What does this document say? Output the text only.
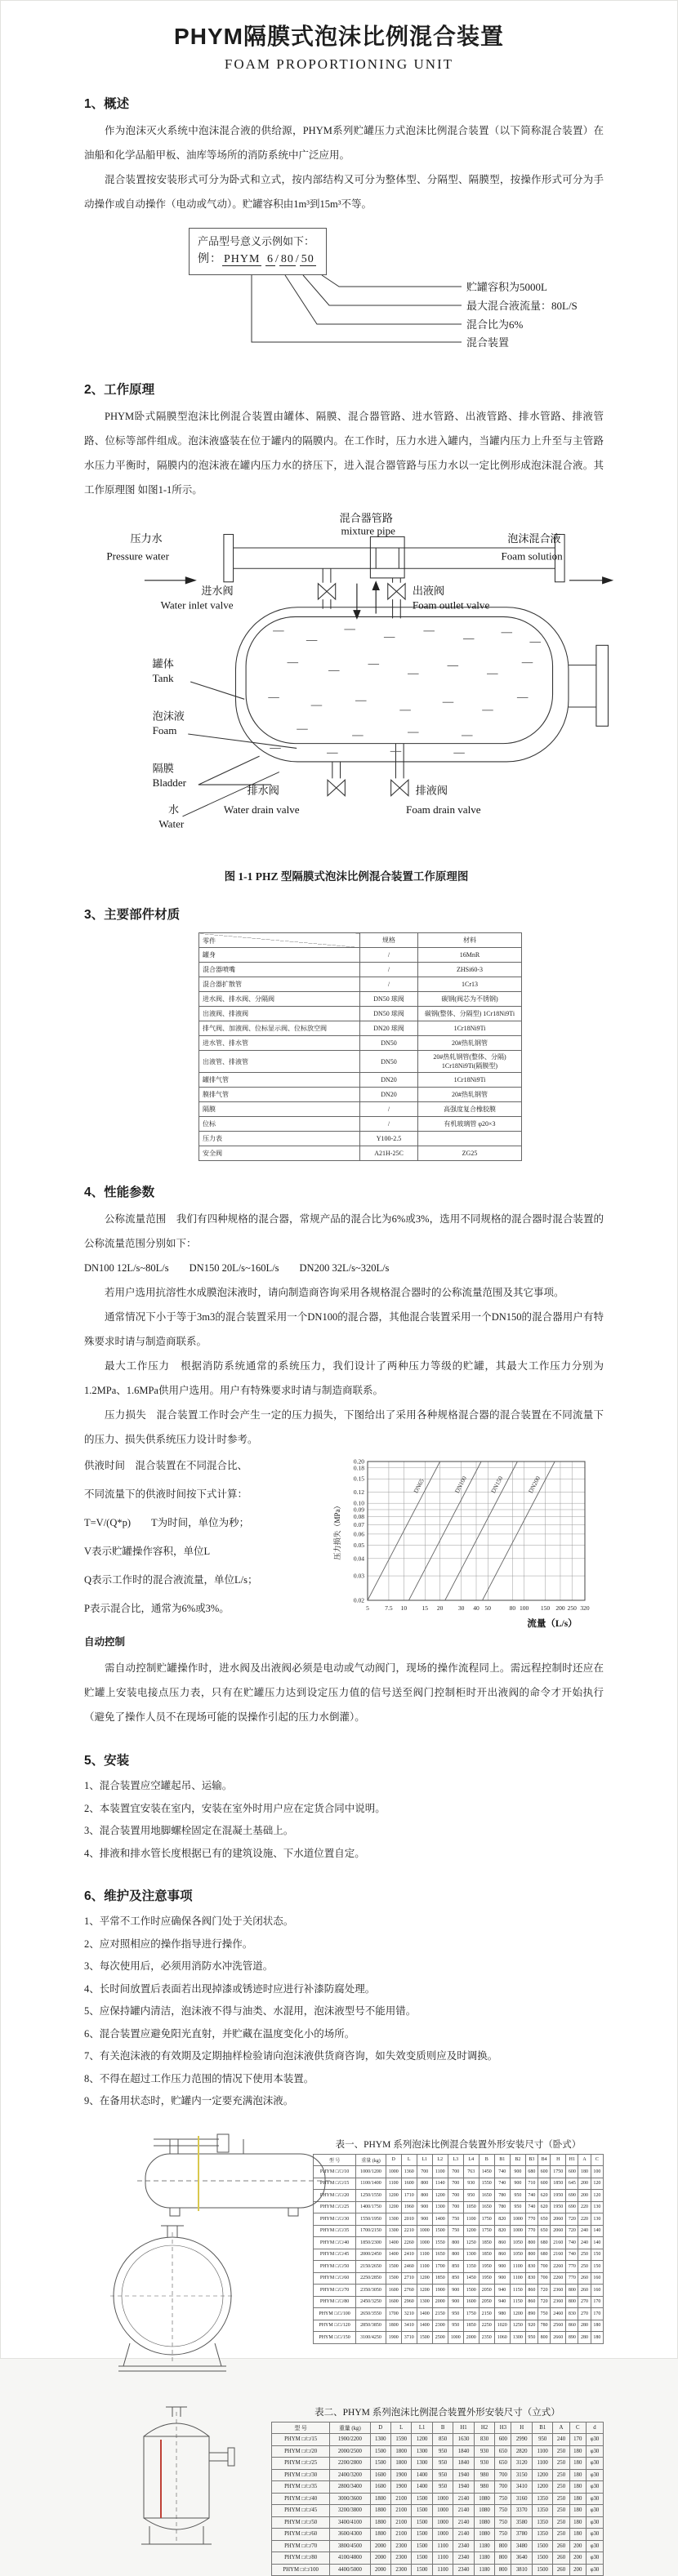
PHYM隔膜式泡沫比例混合装置
FOAM PROPORTIONING UNIT
1、概述

作为泡沫灭火系统中泡沫混合液的供给源，PHYM系列贮罐压力式泡沫比例混合装置（以下简称混合装置）在油船和化学品船甲板、油库等场所的消防系统中广泛应用。

混合装置按安装形式可分为卧式和立式，按内部结构又可分为整体型、分隔型、隔膜型，按操作形式可分为手动操作或自动操作（电动或气动）。贮罐容积由1m³到15m³不等。

产品型号意义示例如下：
例： PHYM 6 / 80 / 50
贮罐容积为5000L
最大混合液流量：80L/S
混合比为6%
混合装置
2、工作原理

PHYM卧式隔膜型泡沫比例混合装置由罐体、隔膜、混合器管路、进水管路、出液管路、排水管路、排液管路、位标等部件组成。泡沫液盛装在位于罐内的隔膜内。在工作时，压力水进入罐内，当罐内压力上升至与主管路水压力平衡时，隔膜内的泡沫液在罐内压力水的挤压下，进入混合器管路与压力水以一定比例形成泡沫混合液。其工作原理图 如图1-1所示。

压力水
Pressure water
混合器管路
mixture pipe
泡沫混合液
Foam solution
进水阀
Water inlet valve
出液阀
Foam outlet valve
罐体
Tank
泡沫液
Foam
隔膜
Bladder
水
Water
排水阀
Water drain valve
排液阀
Foam drain valve
图 1-1 PHZ 型隔膜式泡沫比例混合装置工作原理图
3、主要部件材质
零件	规格	材料
罐身	/	16MnR
混合器喷嘴	/	ZHSi60-3
混合器扩散管	/	1Cr13
进水阀、排水阀、分隔阀	DN50 球阀	碳钢(阀芯为不锈钢)
出液阀、排液阀	DN50 球阀	碳钢(整体、分隔型) 1Cr18Ni9Ti
排气阀、加液阀、位标显示阀、位标放空阀	DN20 球阀	1Cr18Ni9Ti
进水管、排水管	DN50	20#热轧钢管
出液管、排液管	DN50	20#热轧钢管(整体、分隔) 1Cr18Ni9Ti(隔膜型)
罐排气管	DN20	1Cr18Ni9Ti
膜排气管	DN20	20#热轧钢管
隔膜	/	高强度复合橡胶膜
位标	/	有机玻璃管 φ20×3
压力表	Y100-2.5	
安全阀	A21H-25C	ZG25
4、性能参数

公称流量范围　我们有四种规格的混合器，常规产品的混合比为6%或3%，选用不同规格的混合器时混合装置的公称流量范围分别如下：

DN100 12L/s~80L/s　　DN150 20L/s~160L/s　　DN200 32L/s~320L/s

若用户选用抗溶性水成膜泡沫液时，请向制造商咨询采用各规格混合器时的公称流量范围及其它事项。

通常情况下小于等于3m3的混合装置采用一个DN100的混合器，其他混合装置采用一个DN150的混合器用户有特殊要求时请与制造商联系。

最大工作压力　根据消防系统通常的系统压力，我们设计了两种压力等级的贮罐，其最大工作压力分别为1.2MPa、1.6MPa供用户选用。用户有特殊要求时请与制造商联系。

压力损失　混合装置工作时会产生一定的压力损失，下图给出了采用各种规格混合器的混合装置在不同流量下的压力、损失供系统压力设计时参考。

5	7.5 10 15 20 30 40 50	80 100 150 200 250 320
0.02
0.03
0.04
0.05
0.06
0.07
0.08
0.09
0.10
0.12
0.15
0.18
0.20
DN65	DN100	DN150	DN200
压力损失（MPa）
流量（L/s）
供液时间　混合装置在不同混合比、
不同流量下的供液时间按下式计算：
T=V/(Q*p)　　T为时间，单位为秒；
V表示贮罐操作容积，单位L
Q表示工作时的混合液流量，单位L/s；
P表示混合比，通常为6%或3%。

自动控制

需自动控制贮罐操作时，进水阀及出液阀必须是电动或气动阀门，现场的操作流程同上。需远程控制时还应在贮罐上安装电接点压力表，只有在贮罐压力达到设定压力值的信号送至阀门控制柜时开出液阀的命令才开始执行（避免了操作人员不在现场可能的误操作引起的压力水倒灌）。

5、安装
1、混合装置应空罐起吊、运输。
2、本装置宜安装在室内，安装在室外时用户应在定货合同中说明。
3、混合装置用地脚螺栓固定在混凝土基础上。
4、排液和排水管长度根据已有的建筑设施、下水道位置自定。
6、维护及注意事项
1、平常不工作时应确保各阀门处于关闭状态。
2、应对照相应的操作指导进行操作。
3、每次使用后，必须用消防水冲洗管道。
4、长时间放置后表面若出现掉漆或锈迹时应进行补漆防腐处理。
5、应保持罐内清洁，泡沫液不得与油类、水混用，泡沫液型号不能用错。
6、混合装置应避免阳光直射，并贮藏在温度变化小的场所。
7、有关泡沫液的有效期及定期抽样检验请向泡沫液供货商咨询，如失效变质则应及时调换。
8、不得在超过工作压力范围的情况下使用本装置。
9、在备用状态时，贮罐内一定要充满泡沫液。
表一、PHYM 系列泡沫比例混合装置外形安装尺寸（卧式）
型 号	重量 (kg)	D	L	L1	L2	L3	L4	B	B1	B2	B3	B4	H	H1	A	C
PHYM □/□/10	1000/1200	1000	1360	700	1100	700	763	1450	740	900	680	600	1750	600	180	100
PHYM □/□/15	1100/1400	1100	1600	800	1140	700	930	1550	740	900	710	600	1850	645	200	120
PHYM □/□/20	1250/1550	1200	1710	800	1200	700	950	1650	780	950	740	620	1950	690	200	120
PHYM □/□/25	1400/1750	1200	1960	900	1300	700	1050	1650	780	950	740	620	1950	690	220	130
PHYM □/□/30	1550/1950	1300	2010	900	1400	750	1100	1750	820	1000	770	650	2060	720	220	130
PHYM □/□/35	1700/2150	1300	2210	1000	1500	750	1200	1750	820	1000	770	650	2060	720	240	140
PHYM □/□/40	1850/2300	1400	2260	1000	1550	800	1250	1850	860	1050	800	680	2160	740	240	140
PHYM □/□/45	2000/2450	1400	2410	1100	1650	800	1300	1850	860	1050	800	680	2160	740	250	150
PHYM □/□/50	2150/2650	1500	2460	1100	1700	850	1350	1950	900	1100	830	700	2260	770	250	150
PHYM □/□/60	2250/2850	1500	2710	1200	1850	850	1450	1950	900	1100	830	700	2260	770	260	160
PHYM □/□/70	2350/3050	1600	2760	1200	1900	900	1500	2050	940	1150	860	720	2360	800	260	160
PHYM □/□/80	2450/3250	1600	2960	1300	2000	900	1600	2050	940	1150	860	720	2360	800	270	170
PHYM □/□/100	2650/3550	1700	3210	1400	2150	950	1750	2150	980	1200	890	750	2460	830	270	170
PHYM □/□/120	2850/3850	1800	3410	1400	2300	950	1850	2250	1020	1250	920	780	2560	860	280	180
PHYM □/□/150	3100/4250	1900	3710	1500	2500	1000	2000	2350	1060	1300	950	800	2660	890	280	180
表二、PHYM 系列泡沫比例混合装置外形安装尺寸（立式）
型 号	重量 (kg)	D	L	L1	B	H1	H2	H3	H	B1	A	C	d
PHYM □/□/15	1900/2200	1300	1590	1200	850	1630	830	600	2990	950	240	170	φ30
PHYM □/□/20	2000/2500	1500	1800	1300	950	1840	930	650	2820	1100	250	180	φ30
PHYM □/□/25	2200/2800	1500	1800	1300	950	1840	930	650	3120	1100	250	180	φ30
PHYM □/□/30	2400/3200	1600	1900	1400	950	1940	980	700	3150	1200	250	180	φ30
PHYM □/□/35	2800/3400	1600	1900	1400	950	1940	980	700	3410	1200	250	180	φ30
PHYM □/□/40	3000/3600	1800	2100	1500	1000	2140	1080	750	3160	1350	250	180	φ30
PHYM □/□/45	3200/3800	1800	2100	1500	1000	2140	1080	750	3370	1350	250	180	φ30
PHYM □/□/50	3400/4100	1800	2100	1500	1000	2140	1080	750	3580	1350	250	180	φ30
PHYM □/□/60	3600/4300	1800	2100	1500	1000	2140	1080	750	3780	1350	250	180	φ30
PHYM □/□/70	3800/4500	2000	2300	1500	1100	2340	1180	800	3480	1500	260	200	φ30
PHYM □/□/80	4100/4800	2000	2300	1500	1100	2340	1180	800	3640	1500	260	200	φ30
PHYM □/□/100	4400/5000	2000	2300	1500	1100	2340	1180	800	3810	1500	260	200	φ30
